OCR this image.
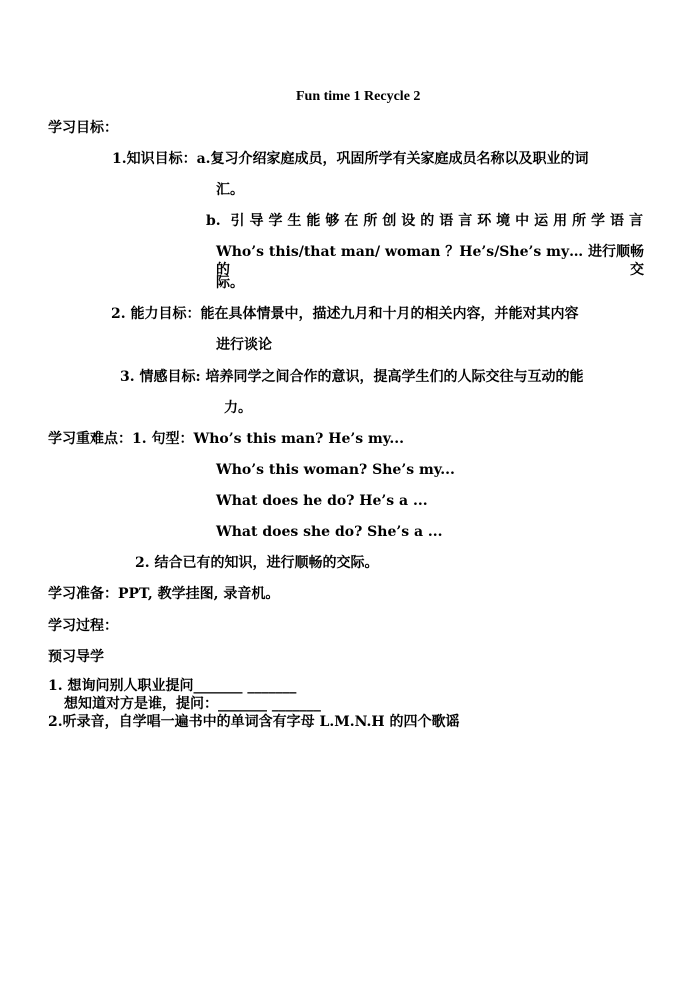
Fun time 1 Recycle 2
学习目标：
1.知识目标：a.复习介绍家庭成员，巩固所学有关家庭成员名称以及职业的词
汇。
b. 引导学生能够在所创设的语言环境中运用所学语言
Who’s this/that man/ woman ？He’s/She’s my… 进行顺畅的交
际。
2. 能力目标：能在具体情景中，描述九月和十月的相关内容，并能对其内容
进行谈论
3. 情感目标: 培养同学之间合作的意识，提高学生们的人际交往与互动的能
力。
学习重难点：1. 句型：Who’s this man? He’s my...
Who’s this woman? She’s my...
What does he do? He’s a ...
What does she do? She’s a ...
2. 结合已有的知识，进行顺畅的交际。
学习准备：PPT, 教学挂图, 录音机。
学习过程：
预习导学
1. 想询问别人职业提问_______ _______
想知道对方是谁，提问：_______ _______
2.听录音，自学唱一遍书中的单词含有字母 L.M.N.H 的四个歌谣
